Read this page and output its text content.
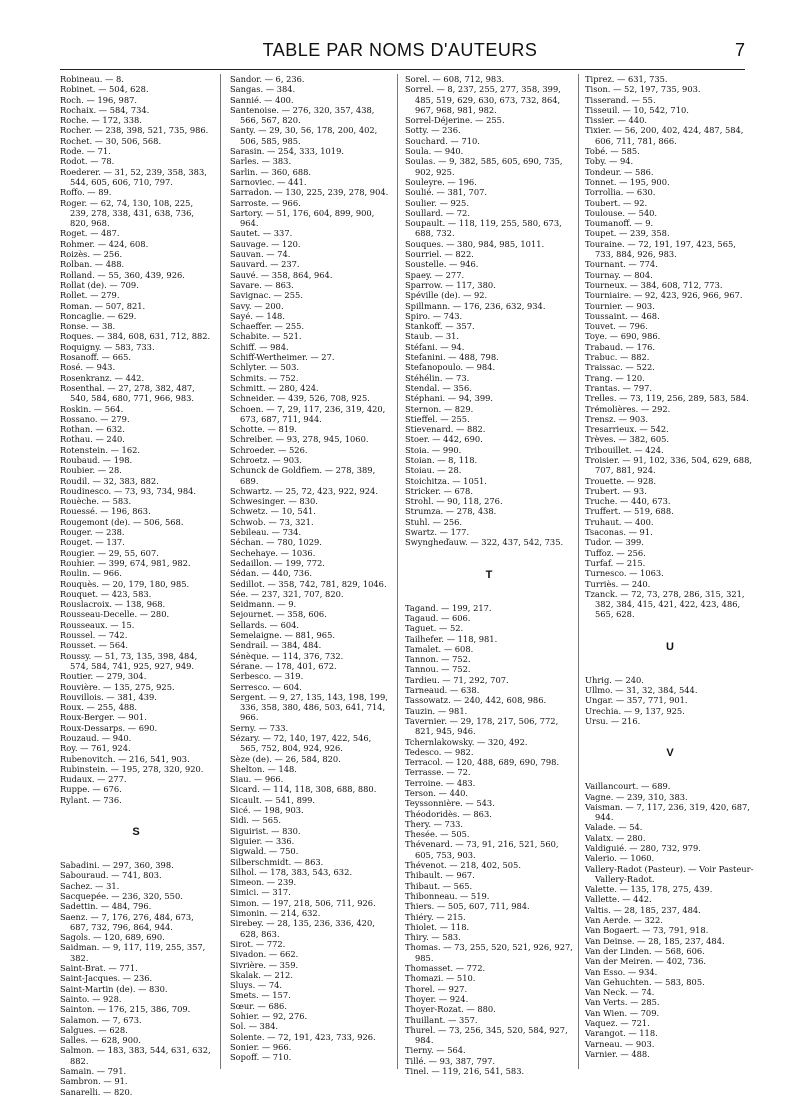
TABLE PAR NOMS D'AUTEURS	7
Robineau. — 8.
Robinet. — 504, 628.
Roch. — 196, 987.
Rochaix. — 584, 734.
Roche. — 172, 338.
Rocher. — 238, 398, 521, 735, 986.
Rochet. — 30, 506, 568.
Rode. — 71.
Rodot. — 78.
Roederer. — 31, 52, 239, 358, 383, 544, 605, 606, 710, 797.
Roffo. — 89.
Roger. — 62, 74, 130, 108, 225, 239, 278, 338, 431, 638, 736, 820, 968.
Roget. — 487.
Rohmer. — 424, 608.
Roizès. — 256.
Rolban. — 488.
Rolland. — 55, 360, 439, 926.
Rollat (de). — 709.
Rollet. — 279.
Roman. — 507, 821.
Roncaglie. — 629.
Ronse. — 38.
Roques. — 384, 608, 631, 712, 882.
Roquigny. — 583, 733.
Rosanoff. — 665.
Rosé. — 943.
Rosenkranz. — 442.
Rosenthal. — 27, 278, 382, 487, 540, 584, 680, 771, 966, 983.
Roskin. — 564.
Rossano. — 279.
Rothan. — 632.
Rothau. — 240.
Rotenstein. — 162.
Roubaud. — 198.
Roubier. — 28.
Roudil. — 32, 383, 882.
Roudinesco. — 73, 93, 734, 984.
Rouèche. — 583.
Rouessé. — 196, 863.
Rougemont (de). — 506, 568.
Rouger. — 238.
Rouget. — 137.
Rougier. — 29, 55, 607.
Rouhier. — 399, 674, 981, 982.
Roulin. — 966.
Rouquès. — 20, 179, 180, 985.
Rouquet. — 423, 583.
Rouslacroix. — 138, 968.
Rousseau-Decelle. — 280.
Rousseaux. — 15.
Roussel. — 742.
Rousset. — 564.
Roussy. — 51, 73, 135, 398, 484, 574, 584, 741, 925, 927, 949.
Routier. — 279, 304.
Rouvière. — 135, 275, 925.
Rouvillois. — 381, 439.
Roux. — 255, 488.
Roux-Berger. — 901.
Roux-Dessarps. — 690.
Rouzaud. — 940.
Roy. — 761, 924.
Rubenovitch. — 216, 541, 903.
Rubinstein. — 195, 278, 320, 920.
Rudaux. — 277.
Ruppe. — 676.
Rylant. — 736.
S
Sabadini. — 297, 360, 398.
Sabouraud. — 741, 803.
Sachez. — 31.
Sacquepée. — 236, 320, 550.
Sadettin. — 484, 796.
Saenz. — 7, 176, 276, 484, 673, 687, 732, 796, 864, 944.
Sagols. — 120, 689, 690.
Saidman. — 9, 117, 119, 255, 357, 382.
Saint-Brat. — 771.
Saint-Jacques. — 236.
Saint-Martin (de). — 830.
Sainto. — 928.
Sainton. — 176, 215, 386, 709.
Salamon. — 7, 673.
Salgues. — 628.
Salles. — 628, 900.
Salmon. — 183, 383, 544, 631, 632, 882.
Samain. — 791.
Sambron. — 91.
Sanarelli. — 820.
Sandor. — 6, 236.
Sangas. — 384.
Sannié. — 400.
Santenoise. — 276, 320, 357, 438, 566, 567, 820.
Santy. — 29, 30, 56, 178, 200, 402, 506, 585, 985.
Sarasin. — 254, 333, 1019.
Sarles. — 383.
Sarlin. — 360, 688.
Sarnoviec. — 441.
Sarradon. — 130, 225, 239, 278, 904.
Sarroste. — 966.
Sartory. — 51, 176, 604, 899, 900, 964.
Sautet. — 337.
Sauvage. — 120.
Sauvan. — 74.
Sauvard. — 237.
Sauvé. — 358, 864, 964.
Savare. — 863.
Savignac. — 255.
Savy. — 200.
Sayé. — 148.
Schaeffer. — 255.
Schabite. — 521.
Schiff. — 984.
Schiff-Wertheimer. — 27.
Schlyter. — 503.
Schmits. — 752.
Schmitt. — 280, 424.
Schneider. — 439, 526, 708, 925.
Schoen. — 7, 29, 117, 236, 319, 420, 673, 687, 711, 944.
Schotte. — 819.
Schreiber. — 93, 278, 945, 1060.
Schroeder. — 526.
Schroetz. — 903.
Schunck de Goldfiem. — 278, 389, 689.
Schwartz. — 25, 72, 423, 922, 924.
Schwesinger. — 830.
Schwetz. — 10, 541.
Schwob. — 73, 321.
Sebileau. — 734.
Séchan. — 780, 1029.
Sechehaye. — 1036.
Sedaillon. — 199, 772.
Sédan. — 440, 736.
Sedillot. — 358, 742, 781, 829, 1046.
Sée. — 237, 321, 707, 820.
Seidmann. — 9.
Sejournet. — 358, 606.
Sellards. — 604.
Semelaigne. — 881, 965.
Sendrail. — 384, 484.
Sénèque. — 114, 376, 732.
Sérane. — 178, 401, 672.
Serbesco. — 319.
Serresco. — 604.
Sergent. — 9, 27, 135, 143, 198, 199, 336, 358, 380, 486, 503, 641, 714, 966.
Serny. — 733.
Sézary. — 72, 140, 197, 422, 546, 565, 752, 804, 924, 926.
Sèze (de). — 26, 584, 820.
Shelton. — 148.
Siau. — 966.
Sicard. — 114, 118, 308, 688, 880.
Sicault. — 541, 899.
Sicé. — 198, 903.
Sidi. — 565.
Siguirist. — 830.
Siguier. — 336.
Sigwald. — 750.
Silberschmidt. — 863.
Silhol. — 178, 383, 543, 632.
Simeon. — 239.
Simici. — 317.
Simon. — 197, 218, 506, 711, 926.
Simonin. — 214, 632.
Sirebey. — 28, 135, 236, 336, 420, 628, 863.
Sirot. — 772.
Sivadon. — 662.
Sivrière. — 359.
Skalak. — 212.
Sluys. — 74.
Smets. — 157.
Sœur. — 686.
Sohier. — 92, 276.
Sol. — 384.
Solente. — 72, 191, 423, 733, 926.
Sonier. — 966.
Sopoff. — 710.
Sorel. — 608, 712, 983.
Sorrel. — 8, 237, 255, 277, 358, 399, 485, 519, 629, 630, 673, 732, 864, 967, 968, 981, 982.
Sorrel-Déjerine. — 255.
Sotty. — 236.
Souchard. — 710.
Soula. — 940.
Soulas. — 9, 382, 585, 605, 690, 735, 902, 925.
Souleyre. — 196.
Soulié. — 381, 707.
Soulier. — 925.
Soullard. — 72.
Soupault. — 118, 119, 255, 580, 673, 688, 732.
Souques. — 380, 984, 985, 1011.
Sourriel. — 822.
Soustelle. — 946.
Spaey. — 277.
Sparrow. — 117, 380.
Spéville (de). — 92.
Spillmann. — 176, 236, 632, 934.
Spiro. — 743.
Stankoff. — 357.
Staub. — 31.
Stéfani. — 94.
Stefanini. — 488, 798.
Stefanopoulo. — 984.
Stéhélin. — 73.
Stendal. — 356.
Stéphani. — 94, 399.
Sternon. — 829.
Stieffel. — 255.
Stievenard. — 882.
Stoer. — 442, 690.
Stoia. — 990.
Stoian. — 8, 118.
Stoiau. — 28.
Stoichitza. — 1051.
Stricker. — 678.
Strohl. — 90, 118, 276.
Strumza. — 278, 438.
Stuhl. — 256.
Swartz. — 177.
Swyngheďauw. — 322, 437, 542, 735.
T
Tagand. — 199, 217.
Tagaud. — 606.
Taguet. — 52.
Tailhefer. — 118, 981.
Tamalet. — 608.
Tannon. — 752.
Tannou. — 752.
Tardieu. — 71, 292, 707.
Tarneaud. — 638.
Tassowatz. — 240, 442, 608, 986.
Tauzin. — 981.
Tavernier. — 29, 178, 217, 506, 772, 821, 945, 946.
Tchernlakowsky. — 320, 492.
Tedesco. — 982.
Terracol. — 120, 488, 689, 690, 798.
Terrasse. — 72.
Terroine. — 483.
Terson. — 440.
Teyssonnière. — 543.
Théodoridès. — 863.
Thery. — 733.
Thesée. — 505.
Thévenard. — 73, 91, 216, 521, 560, 605, 753, 903.
Thévenot. — 218, 402, 505.
Thibault. — 967.
Thibaut. — 565.
Thibonneau. — 519.
Thiers. — 505, 607, 711, 984.
Thiéry. — 215.
Thiolet. — 118.
Thiry. — 583.
Thomas. — 73, 255, 520, 521, 926, 927, 985.
Thomasset. — 772.
Thomazi. — 510.
Thorel. — 927.
Thoyer. — 924.
Thoyer-Rozat. — 880.
Thuillant. — 357.
Thurel. — 73, 256, 345, 520, 584, 927, 984.
Tierny. — 564.
Tillé. — 93, 387, 797.
Tinel. — 119, 216, 541, 583.
Tiprez. — 631, 735.
Tison. — 52, 197, 735, 903.
Tisserand. — 55.
Tisseuil. — 10, 542, 710.
Tissier. — 440.
Tixier. — 56, 200, 402, 424, 487, 584, 606, 711, 781, 866.
Tobé. — 585.
Toby. — 94.
Tondeur. — 586.
Tonnet. — 195, 900.
Torrollia. — 630.
Toubert. — 92.
Toulouse. — 540.
Toumanoff. — 9.
Toupet. — 239, 358.
Touraine. — 72, 191, 197, 423, 565, 733, 884, 926, 983.
Tournant. — 774.
Tournay. — 804.
Tourneux. — 384, 608, 712, 773.
Tourniaire. — 92, 423, 926, 966, 967.
Tournier. — 903.
Toussaint. — 468.
Touvet. — 796.
Toye. — 690, 986.
Trabaud. — 176.
Trabuc. — 882.
Traissac. — 522.
Trang. — 120.
Trantas. — 797.
Trelles. — 73, 119, 256, 289, 583, 584.
Trémolières. — 292.
Trensz. — 903.
Tresarrieux. — 542.
Trèves. — 382, 605.
Tribouillet. — 424.
Troisier. — 91, 102, 336, 504, 629, 688, 707, 881, 924.
Trouette. — 928.
Trubert. — 93.
Truche. — 440, 673.
Truffert. — 519, 688.
Truhaut. — 400.
Tsaconas. — 91.
Tudor. — 399.
Tuffoz. — 256.
Turfaf. — 215.
Turnesco. — 1063.
Turriès. — 240.
Tzanck. — 72, 73, 278, 286, 315, 321, 382, 384, 415, 421, 422, 423, 486, 565, 628.
U
Uhrig. — 240.
Ullmo. — 31, 32, 384, 544.
Ungar. — 357, 771, 901.
Urechia. — 9, 137, 925.
Ursu. — 216.
V
Vaillancourt. — 689.
Vagne. — 239, 310, 383.
Vaisman. — 7, 117, 236, 319, 420, 687, 944.
Valade. — 54.
Valatx. — 280.
Valdiguié. — 280, 732, 979.
Valerio. — 1060.
Vallery-Radot (Pasteur). — Voir Pasteur-Vallery-Radot.
Valette. — 135, 178, 275, 439.
Vallette. — 442.
Valtis. — 28, 185, 237, 484.
Van Aerde. — 322.
Van Bogaert. — 73, 791, 918.
Van Deinse. — 28, 185, 237, 484.
Van der Linden. — 568, 606.
Van der Meiren. — 402, 736.
Van Esso. — 934.
Van Gehuchten. — 583, 805.
Van Neck. — 74.
Van Verts. — 285.
Van Wien. — 709.
Vaquez. — 721.
Varangot. — 118.
Varneau. — 903.
Varnier. — 488.
